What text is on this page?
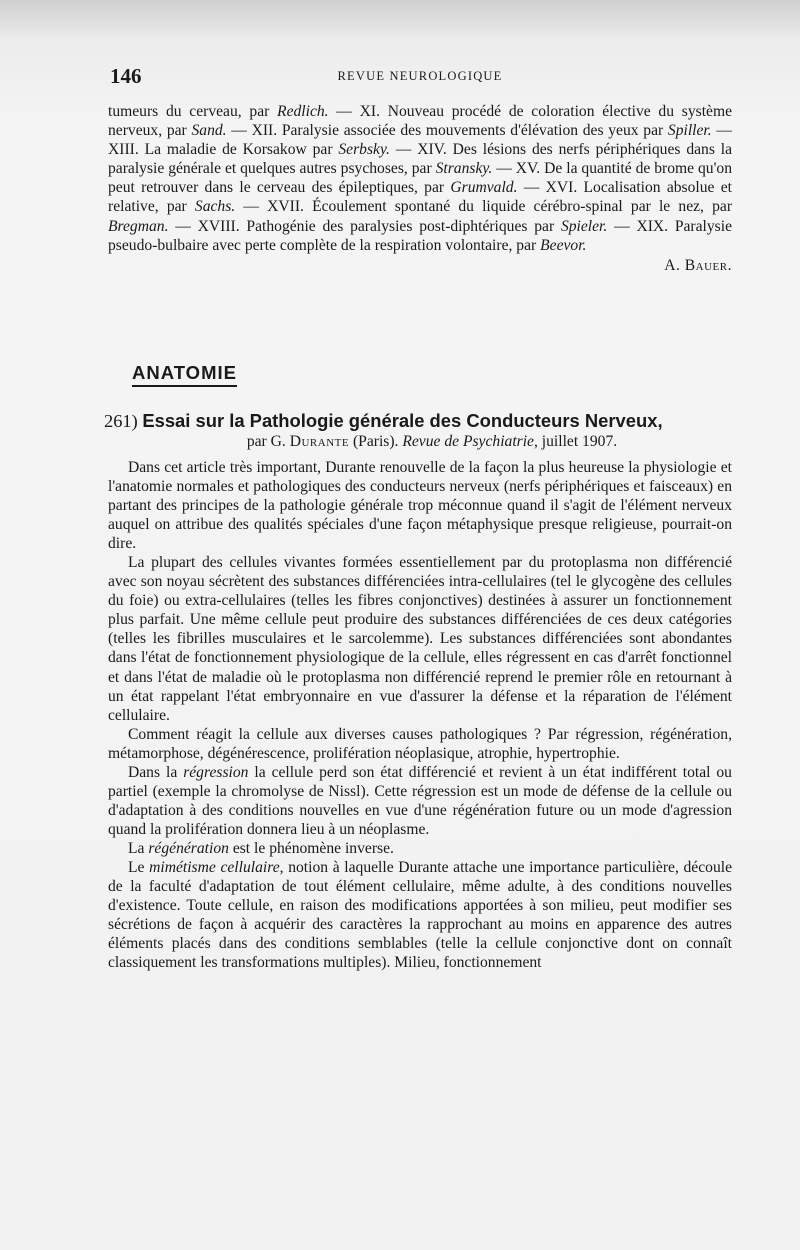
146	REVUE NEUROLOGIQUE

tumeurs du cerveau, par Redlich. — XI. Nouveau procédé de coloration élective du système nerveux, par Sand. — XII. Paralysie associée des mouvements d'élévation des yeux par Spiller. — XIII. La maladie de Korsakow par Serbsky. — XIV. Des lésions des nerfs périphériques dans la paralysie générale et quelques autres psychoses, par Stransky. — XV. De la quantité de brome qu'on peut retrouver dans le cerveau des épileptiques, par Grumvald. — XVI. Localisation absolue et relative, par Sachs. — XVII. Écoulement spontané du liquide cérébro-spinal par le nez, par Bregman. — XVIII. Pathogénie des paralysies post-diphtériques par Spieler. — XIX. Paralysie pseudo-bulbaire avec perte complète de la respiration volontaire, par Beevor.
A. Bauer.

ANATOMIE
261) Essai sur la Pathologie générale des Conducteurs Nerveux,
par G. Durante (Paris). Revue de Psychiatrie, juillet 1907.

Dans cet article très important, Durante renouvelle de la façon la plus heureuse la physiologie et l'anatomie normales et pathologiques des conducteurs nerveux (nerfs périphériques et faisceaux) en partant des principes de la pathologie générale trop méconnue quand il s'agit de l'élément nerveux auquel on attribue des qualités spéciales d'une façon métaphysique presque religieuse, pourrait-on dire.

La plupart des cellules vivantes formées essentiellement par du protoplasma non différencié avec son noyau sécrètent des substances différenciées intra-cellulaires (tel le glycogène des cellules du foie) ou extra-cellulaires (telles les fibres conjonctives) destinées à assurer un fonctionnement plus parfait. Une même cellule peut produire des substances différenciées de ces deux catégories (telles les fibrilles musculaires et le sarcolemme). Les substances différenciées sont abondantes dans l'état de fonctionnement physiologique de la cellule, elles régressent en cas d'arrêt fonctionnel et dans l'état de maladie où le protoplasma non différencié reprend le premier rôle en retournant à un état rappelant l'état embryonnaire en vue d'assurer la défense et la réparation de l'élément cellulaire.

Comment réagit la cellule aux diverses causes pathologiques ? Par régression, régénération, métamorphose, dégénérescence, prolifération néoplasique, atrophie, hypertrophie.

Dans la régression la cellule perd son état différencié et revient à un état indifférent total ou partiel (exemple la chromolyse de Nissl). Cette régression est un mode de défense de la cellule ou d'adaptation à des conditions nouvelles en vue d'une régénération future ou un mode d'agression quand la prolifération donnera lieu à un néoplasme.

La régénération est le phénomène inverse.

Le mimétisme cellulaire, notion à laquelle Durante attache une importance particulière, découle de la faculté d'adaptation de tout élément cellulaire, même adulte, à des conditions nouvelles d'existence. Toute cellule, en raison des modifications apportées à son milieu, peut modifier ses sécrétions de façon à acquérir des caractères la rapprochant au moins en apparence des autres éléments placés dans des conditions semblables (telle la cellule conjonctive dont on connaît classiquement les transformations multiples). Milieu, fonctionnement
